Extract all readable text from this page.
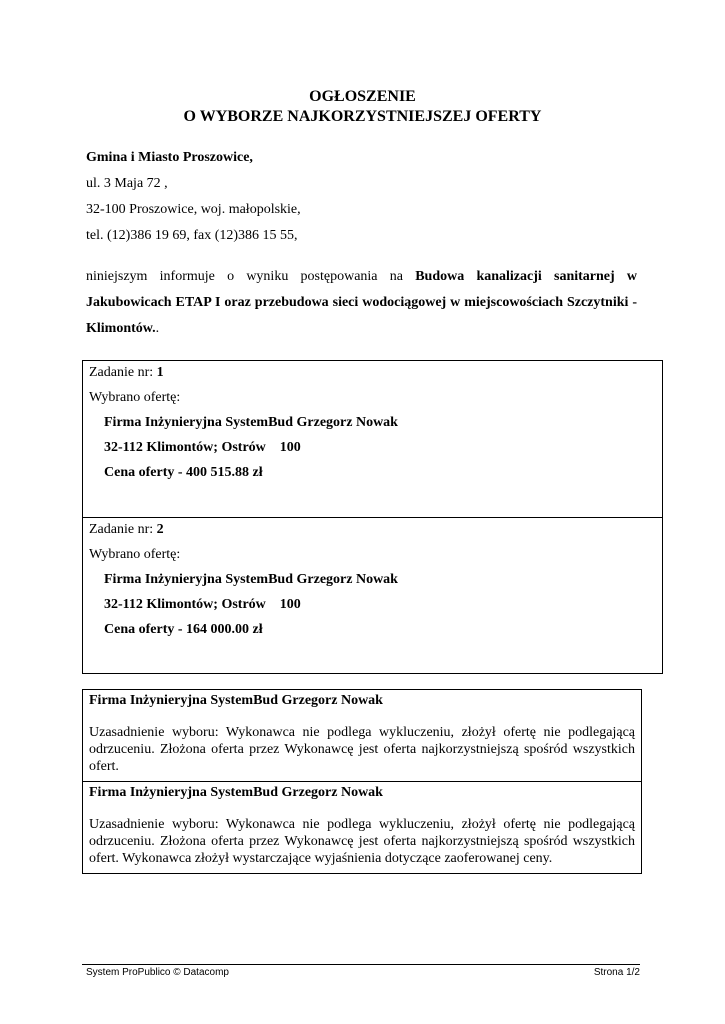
OGŁOSZENIE
O WYBORZE NAJKORZYSTNIEJSZEJ OFERTY
Gmina i Miasto Proszowice,
ul. 3 Maja 72 ,
32-100 Proszowice, woj. małopolskie,
tel. (12)386 19 69, fax (12)386 15 55,
niniejszym informuje o wyniku postępowania na Budowa kanalizacji sanitarnej w Jakubowicach ETAP I oraz przebudowa sieci wodociągowej w miejscowościach Szczytniki - Klimontów..
Zadanie nr: 1
Wybrano ofertę:
Firma Inżynieryjna SystemBud Grzegorz Nowak
32-112 Klimontów; Ostrów    100
Cena oferty - 400 515.88 zł
Zadanie nr: 2
Wybrano ofertę:
Firma Inżynieryjna SystemBud Grzegorz Nowak
32-112 Klimontów; Ostrów    100
Cena oferty - 164 000.00 zł
Firma Inżynieryjna SystemBud Grzegorz Nowak
Uzasadnienie wyboru: Wykonawca nie podlega wykluczeniu, złożył ofertę nie podlegającą odrzuceniu. Złożona oferta przez Wykonawcę jest oferta najkorzystniejszą spośród wszystkich ofert.
Firma Inżynieryjna SystemBud Grzegorz Nowak
Uzasadnienie wyboru: Wykonawca nie podlega wykluczeniu, złożył ofertę nie podlegającą odrzuceniu. Złożona oferta przez Wykonawcę jest oferta najkorzystniejszą spośród wszystkich ofert. Wykonawca złożył wystarczające wyjaśnienia dotyczące zaoferowanej ceny.
System ProPublico © Datacomp	Strona 1/2
